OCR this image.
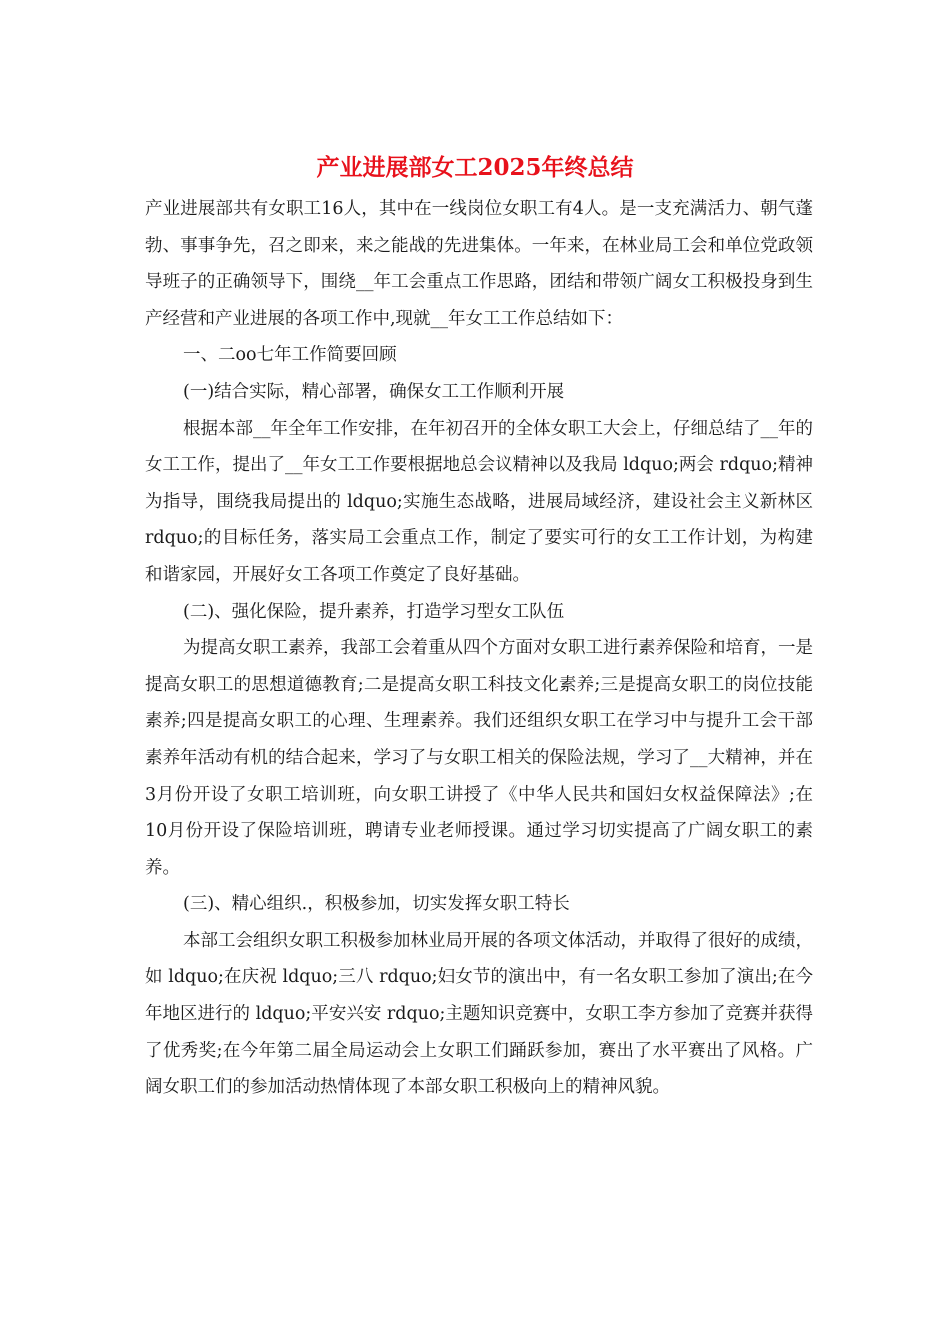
产业进展部女工2025年终总结

产业进展部共有女职工16人，其中在一线岗位女职工有4人。是一支充满活力、朝气蓬勃、事事争先，召之即来，来之能战的先进集体。一年来，在林业局工会和单位党政领导班子的正确领导下，围绕__年工会重点工作思路，团结和带领广阔女工积极投身到生产经营和产业进展的各项工作中,现就__年女工工作总结如下：

一、二oo七年工作简要回顾

(一)结合实际，精心部署，确保女工工作顺利开展

根据本部__年全年工作安排，在年初召开的全体女职工大会上，仔细总结了__年的女工工作，提出了__年女工工作要根据地总会议精神以及我局 ldquo;两会 rdquo;精神为指导，围绕我局提出的 ldquo;实施生态战略，进展局域经济，建设社会主义新林区 rdquo;的目标任务，落实局工会重点工作，制定了要实可行的女工工作计划，为构建和谐家园，开展好女工各项工作奠定了良好基础。

(二)、强化保险，提升素养，打造学习型女工队伍

为提高女职工素养，我部工会着重从四个方面对女职工进行素养保险和培育，一是提高女职工的思想道德教育;二是提高女职工科技文化素养;三是提高女职工的岗位技能素养;四是提高女职工的心理、生理素养。我们还组织女职工在学习中与提升工会干部素养年活动有机的结合起来，学习了与女职工相关的保险法规，学习了__大精神，并在3月份开设了女职工培训班，向女职工讲授了《中华人民共和国妇女权益保障法》;在10月份开设了保险培训班，聘请专业老师授课。通过学习切实提高了广阔女职工的素养。

(三)、精心组织.，积极参加，切实发挥女职工特长

本部工会组织女职工积极参加林业局开展的各项文体活动，并取得了很好的成绩，如 ldquo;在庆祝 ldquo;三八 rdquo;妇女节的演出中，有一名女职工参加了演出;在今年地区进行的 ldquo;平安兴安 rdquo;主题知识竞赛中，女职工李方参加了竞赛并获得了优秀奖;在今年第二届全局运动会上女职工们踊跃参加，赛出了水平赛出了风格。广阔女职工们的参加活动热情体现了本部女职工积极向上的精神风貌。
